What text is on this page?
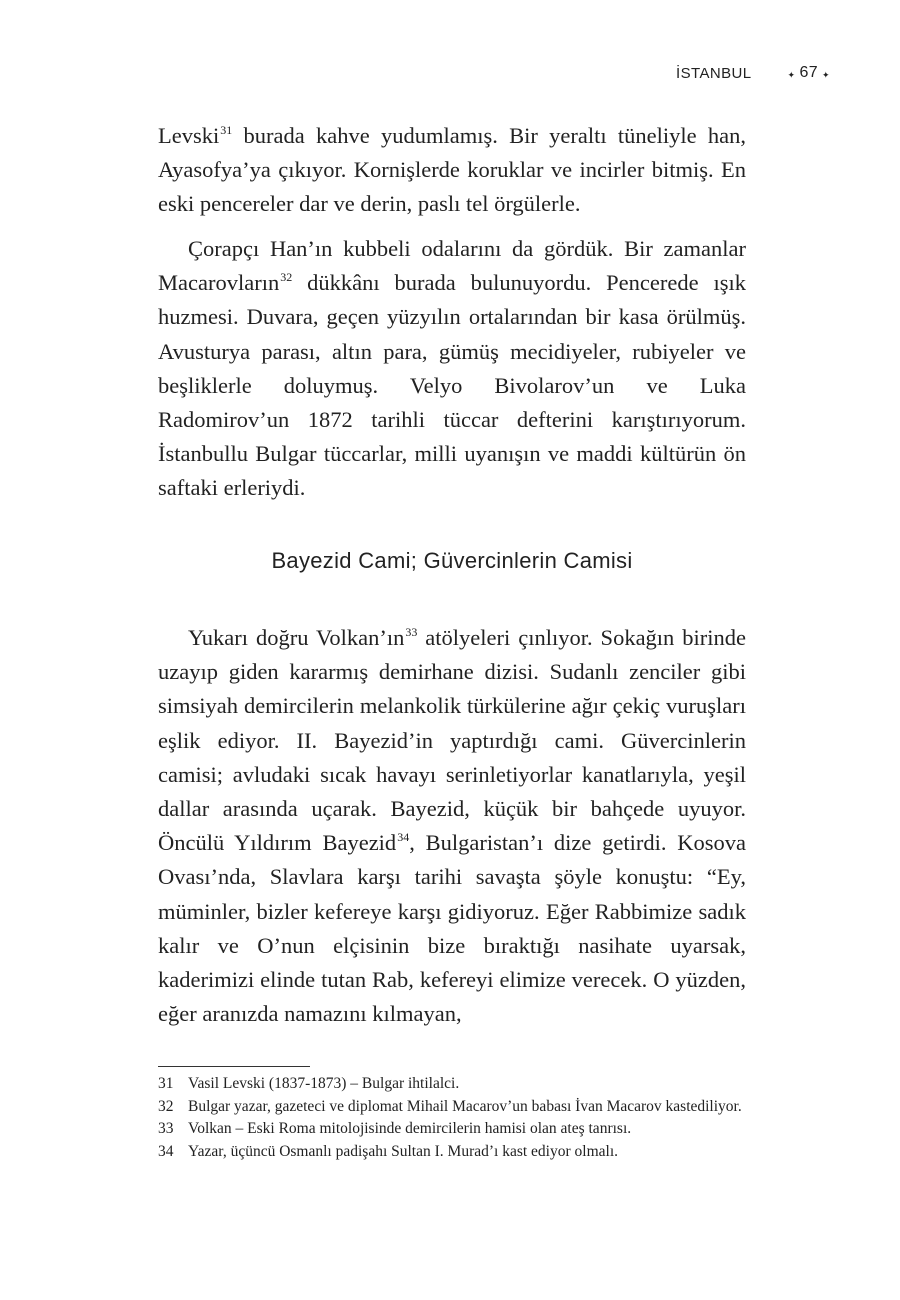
İSTANBUL	✦ 67 ✦

Levski$^{31}$ burada kahve yudumlamış. Bir yeraltı tüneliyle han, Ayasofya’ya çıkıyor. Kornişlerde koruklar ve incirler bitmiş. En eski pencereler dar ve derin, paslı tel örgülerle.

Çorapçı Han’ın kubbeli odalarını da gördük. Bir zamanlar Macarovların$^{32}$ dükkânı burada bulunuyordu. Pencerede ışık huzmesi. Duvara, geçen yüzyılın ortalarından bir kasa örülmüş. Avusturya parası, altın para, gümüş mecidiyeler, rubiyeler ve beşliklerle doluymuş. Velyo Bivolarov’un ve Luka Radomirov’un 1872 tarihli tüccar defterini karıştırıyorum. İstanbullu Bulgar tüccarlar, milli uyanışın ve maddi kültürün ön saftaki erleriydi.

Bayezid Cami; Güvercinlerin Camisi

Yukarı doğru Volkan’ın$^{33}$ atölyeleri çınlıyor. Sokağın birinde uzayıp giden kararmış demirhane dizisi. Sudanlı zenciler gibi simsiyah demircilerin melankolik türkülerine ağır çekiç vuruşları eşlik ediyor. II. Bayezid’in yaptırdığı cami. Güvercinlerin camisi; avludaki sıcak havayı serinletiyorlar kanatlarıyla, yeşil dallar arasında uçarak. Bayezid, küçük bir bahçede uyuyor. Öncülü Yıldırım Bayezid$^{34}$, Bulgaristan’ı dize getirdi. Kosova Ovası’nda, Slavlara karşı tarihi savaşta şöyle konuştu: “Ey, müminler, bizler kefereye karşı gidiyoruz. Eğer Rabbimize sadık kalır ve O’nun elçisinin bize bıraktığı nasihate uyarsak, kaderimizi elinde tutan Rab, kefereyi elimize verecek. O yüzden, eğer aranızda namazını kılmayan,

31 Vasil Levski (1837-1873) – Bulgar ihtilalci.
32 Bulgar yazar, gazeteci ve diplomat Mihail Macarov’un babası İvan Macarov kastediliyor.
33 Volkan – Eski Roma mitolojisinde demircilerin hamisi olan ateş tanrısı.
34 Yazar, üçüncü Osmanlı padişahı Sultan I. Murad’ı kast ediyor olmalı.
